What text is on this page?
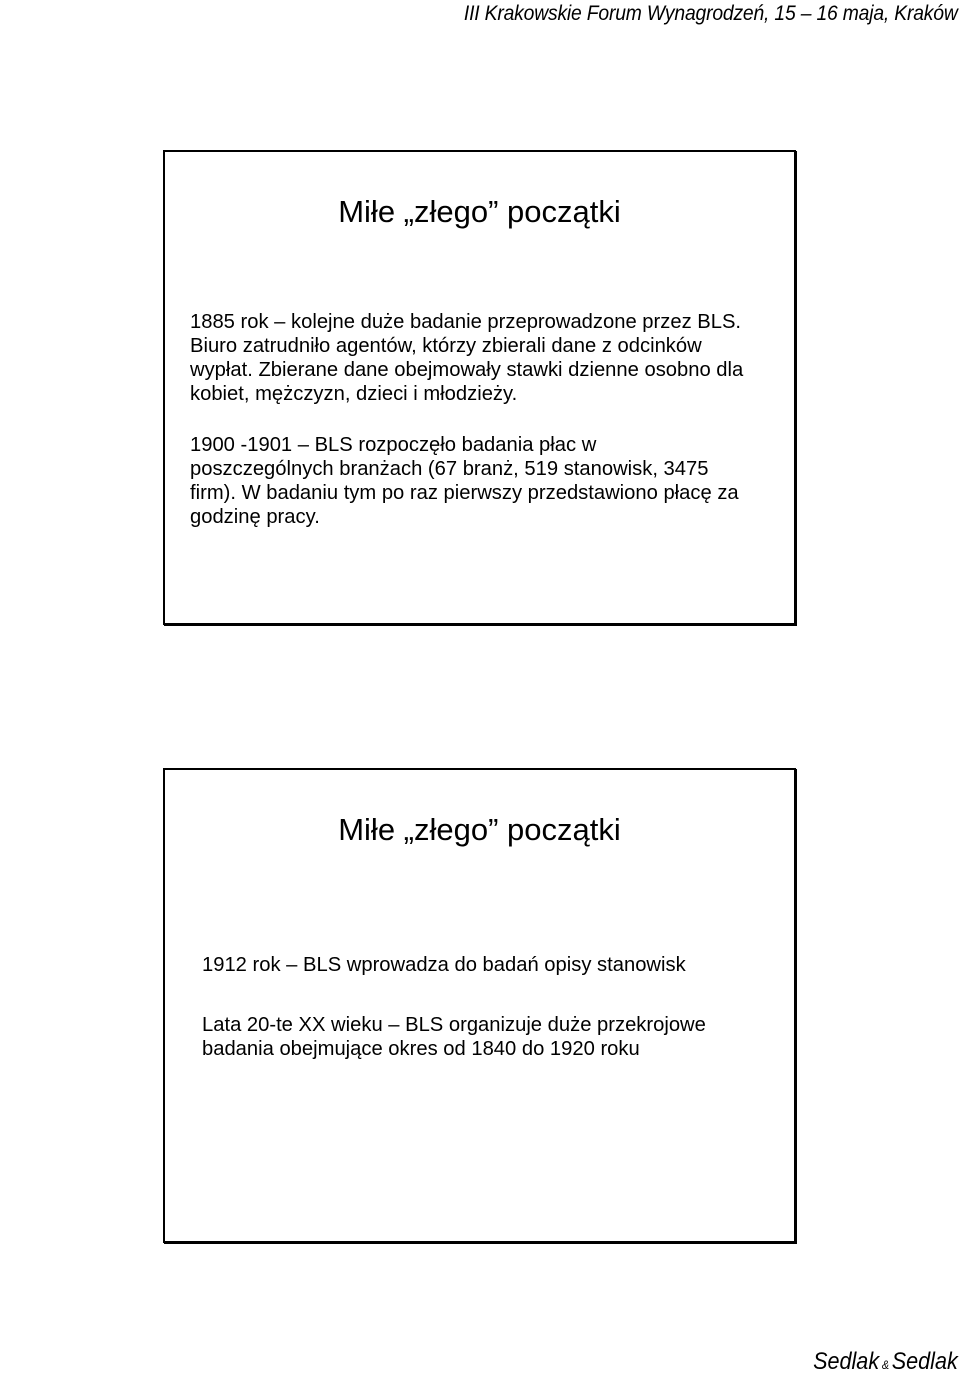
III Krakowskie Forum Wynagrodzeń, 15 – 16 maja, Kraków
Miłe „złego” początki
1885 rok – kolejne duże badanie przeprowadzone przez BLS.
Biuro zatrudniło agentów, którzy zbierali dane z odcinków
wypłat. Zbierane dane obejmowały stawki dzienne osobno dla
kobiet, mężczyzn, dzieci i młodzieży.
1900 -1901 – BLS rozpoczęło badania płac w
poszczególnych branżach (67 branż, 519 stanowisk, 3475
firm). W badaniu tym po raz pierwszy przedstawiono płacę za
godzinę pracy.
Miłe „złego” początki
1912 rok – BLS wprowadza do badań opisy stanowisk
Lata 20-te XX wieku – BLS organizuje duże przekrojowe
badania obejmujące okres od 1840 do 1920 roku
Sedlak & Sedlak
